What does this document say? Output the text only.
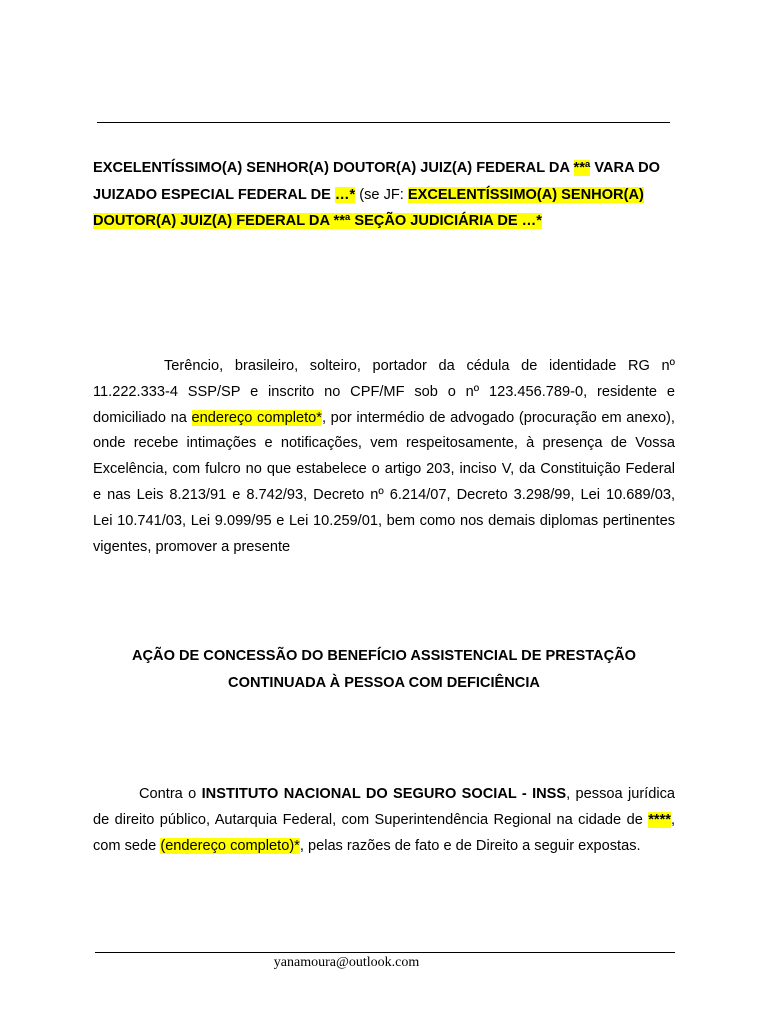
EXCELENTÍSSIMO(A) SENHOR(A) DOUTOR(A) JUIZ(A) FEDERAL DA **ª VARA DO JUIZADO ESPECIAL FEDERAL DE …* (se JF: EXCELENTÍSSIMO(A) SENHOR(A) DOUTOR(A) JUIZ(A) FEDERAL DA **ª SEÇÃO JUDICIÁRIA DE …*
Terêncio, brasileiro, solteiro, portador da cédula de identidade RG nº 11.222.333-4 SSP/SP e inscrito no CPF/MF sob o nº 123.456.789-0, residente e domiciliado na endereço completo*, por intermédio de advogado (procuração em anexo), onde recebe intimações e notificações, vem respeitosamente, à presença de Vossa Excelência, com fulcro no que estabelece o artigo 203, inciso V, da Constituição Federal e nas Leis 8.213/91 e 8.742/93, Decreto nº 6.214/07, Decreto 3.298/99, Lei 10.689/03, Lei 10.741/03, Lei 9.099/95 e Lei 10.259/01, bem como nos demais diplomas pertinentes vigentes, promover a presente
AÇÃO DE CONCESSÃO DO BENEFÍCIO ASSISTENCIAL DE PRESTAÇÃO
CONTINUADA À PESSOA COM DEFICIÊNCIA
Contra o INSTITUTO NACIONAL DO SEGURO SOCIAL - INSS, pessoa jurídica de direito público, Autarquia Federal, com Superintendência Regional na cidade de ****, com sede (endereço completo)*, pelas razões de fato e de Direito a seguir expostas.
yanamoura@outlook.com
